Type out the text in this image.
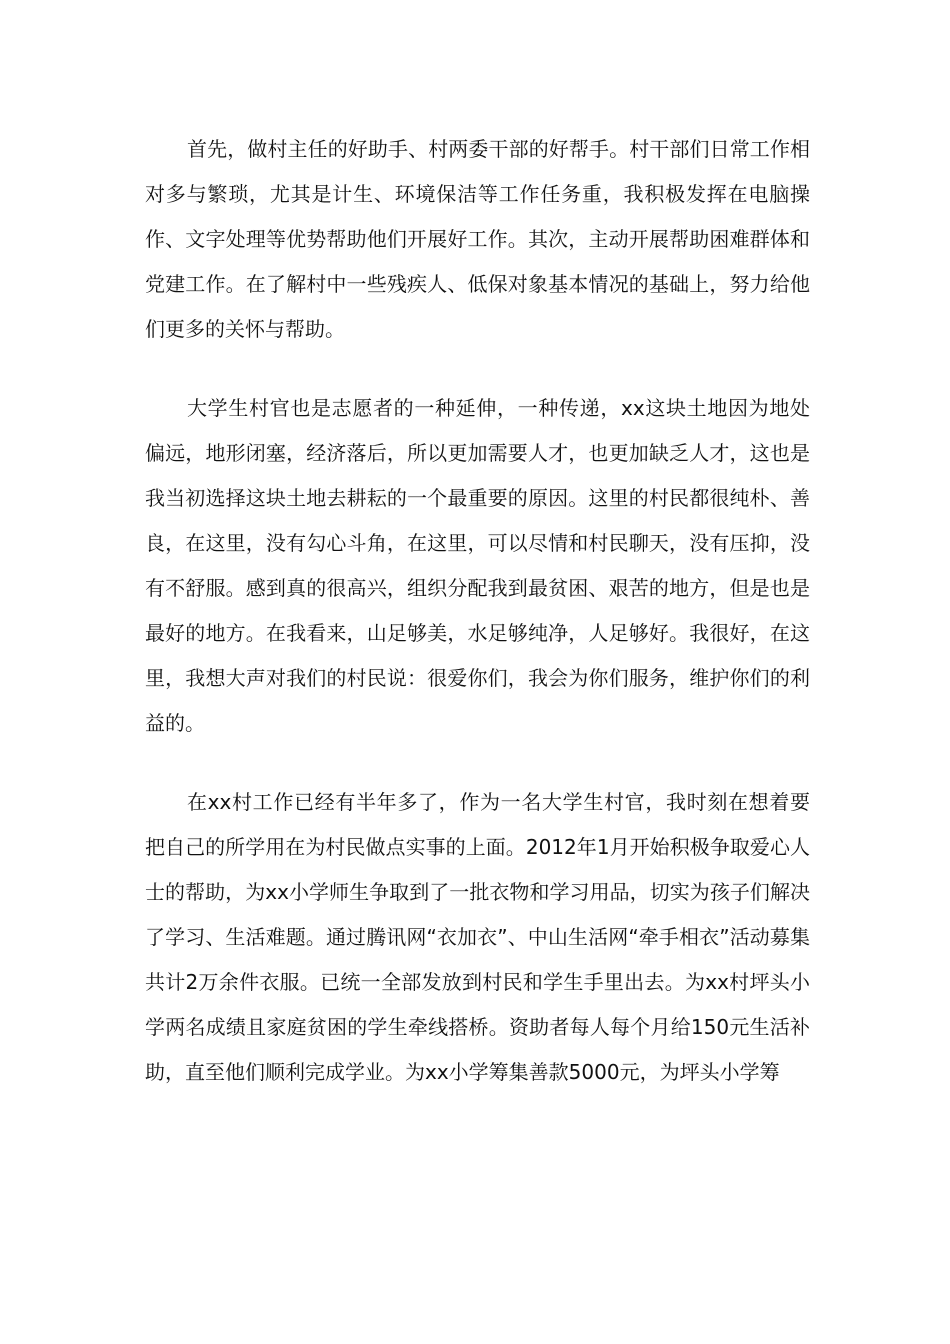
首先，做村主任的好助手、村两委干部的好帮手。村干部们日常工作相对多与繁琐，尤其是计生、环境保洁等工作任务重，我积极发挥在电脑操作、文字处理等优势帮助他们开展好工作。其次，主动开展帮助困难群体和党建工作。在了解村中一些残疾人、低保对象基本情况的基础上，努力给他们更多的关怀与帮助。

大学生村官也是志愿者的一种延伸，一种传递，xx这块土地因为地处偏远，地形闭塞，经济落后，所以更加需要人才，也更加缺乏人才，这也是我当初选择这块土地去耕耘的一个最重要的原因。这里的村民都很纯朴、善良，在这里，没有勾心斗角，在这里，可以尽情和村民聊天，没有压抑，没有不舒服。感到真的很高兴，组织分配我到最贫困、艰苦的地方，但是也是最好的地方。在我看来，山足够美，水足够纯净，人足够好。我很好，在这里，我想大声对我们的村民说：很爱你们，我会为你们服务，维护你们的利益的。

在xx村工作已经有半年多了，作为一名大学生村官，我时刻在想着要把自己的所学用在为村民做点实事的上面。2012年1月开始积极争取爱心人士的帮助，为xx小学师生争取到了一批衣物和学习用品，切实为孩子们解决了学习、生活难题。通过腾讯网“衣加衣”、中山生活网“牵手相衣”活动募集共计2万余件衣服。已统一全部发放到村民和学生手里出去。为xx村坪头小学两名成绩且家庭贫困的学生牵线搭桥。资助者每人每个月给150元生活补助，直至他们顺利完成学业。为xx小学筹集善款5000元，为坪头小学筹
